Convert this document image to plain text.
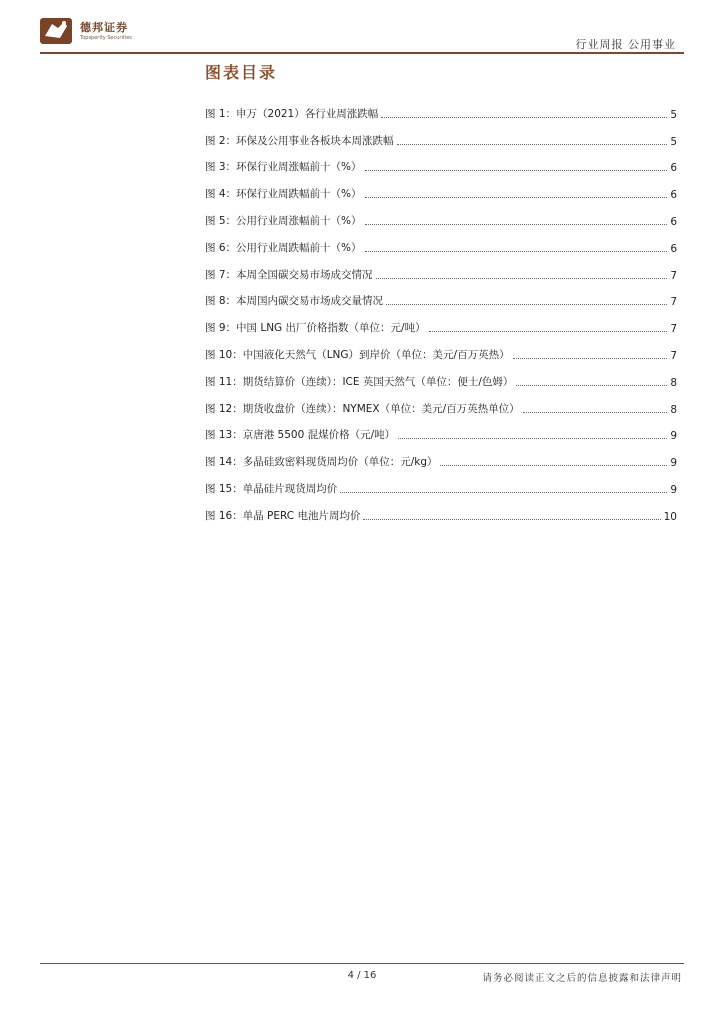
德邦证券
Topsperity Securities
行业周报 公用事业
图表目录
图 1：申万（2021）各行业周涨跌幅	5
图 2：环保及公用事业各板块本周涨跌幅	5
图 3：环保行业周涨幅前十（%）	6
图 4：环保行业周跌幅前十（%）	6
图 5：公用行业周涨幅前十（%）	6
图 6：公用行业周跌幅前十（%）	6
图 7：本周全国碳交易市场成交情况	7
图 8：本周国内碳交易市场成交量情况	7
图 9：中国 LNG 出厂价格指数（单位：元/吨）	7
图 10：中国液化天然气（LNG）到岸价（单位：美元/百万英热）	7
图 11：期货结算价（连续）：ICE 英国天然气（单位：便士/色姆）	8
图 12：期货收盘价（连续）：NYMEX（单位：美元/百万英热单位）	8
图 13：京唐港 5500 混煤价格（元/吨）	9
图 14：多晶硅致密料现货周均价（单位：元/kg）	9
图 15：单晶硅片现货周均价	9
图 16：单晶 PERC 电池片周均价	10
4 / 16	请务必阅读正文之后的信息披露和法律声明
